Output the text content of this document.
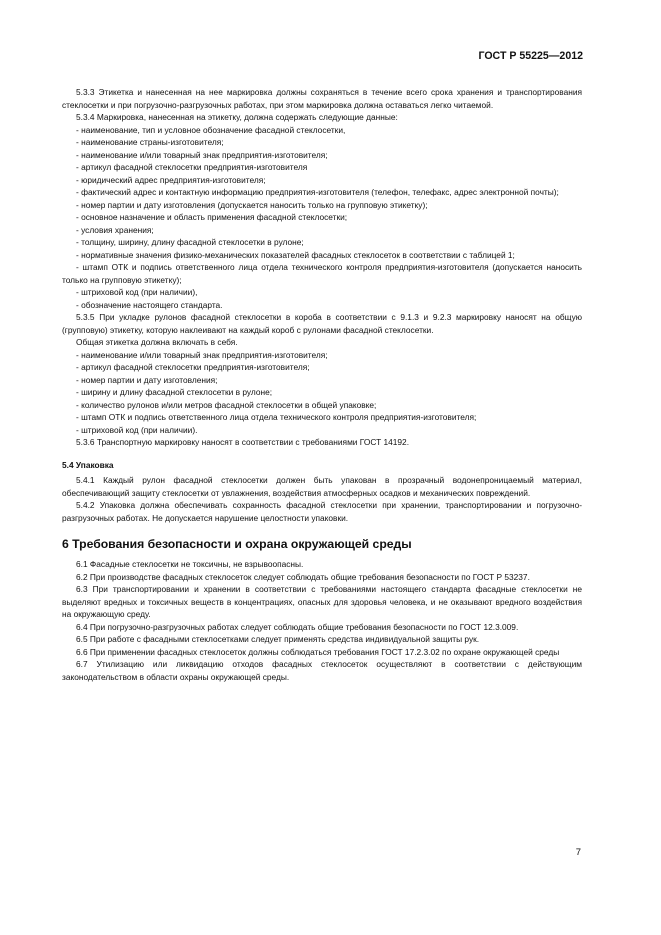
ГОСТ Р 55225—2012

5.3.3 Этикетка и нанесенная на нее маркировка должны сохраняться в течение всего срока хранения и транспортирования стеклосетки и при погрузочно-разгрузочных работах, при этом маркировка должна оставаться легко читаемой.

5.3.4 Маркировка, нанесенная на этикетку, должна содержать следующие данные:

- наименование, тип и условное обозначение фасадной стеклосетки,

- наименование страны-изготовителя;

- наименование и/или товарный знак предприятия-изготовителя;

- артикул фасадной стеклосетки предприятия-изготовителя

- юридический адрес предприятия-изготовителя;

- фактический адрес и контактную информацию предприятия-изготовителя (телефон, телефакс, адрес электронной почты);

- номер партии и дату изготовления (допускается наносить только на групповую этикетку);

- основное назначение и область применения фасадной стеклосетки;

- условия хранения;

- толщину, ширину, длину фасадной стеклосетки в рулоне;

- нормативные значения физико-механических показателей фасадных стеклосеток в соответствии с таблицей 1;

- штамп ОТК и подпись ответственного лица отдела технического контроля предприятия-изготовителя (допускается наносить только на групповую этикетку);

- штриховой код (при наличии),

- обозначение настоящего стандарта.

5.3.5 При укладке рулонов фасадной стеклосетки в короба в соответствии с 9.1.3 и 9.2.3 маркировку наносят на общую (групповую) этикетку, которую наклеивают на каждый короб с рулонами фасадной стеклосетки.

Общая этикетка должна включать в себя.

- наименование и/или товарный знак предприятия-изготовителя;

- артикул фасадной стеклосетки предприятия-изготовителя;

- номер партии и дату изготовления;

- ширину и длину фасадной стеклосетки в рулоне;

- количество рулонов и/или метров фасадной стеклосетки в общей упаковке;

- штамп ОТК и подпись ответственного лица отдела технического контроля предприятия-изготовителя;

- штриховой код (при наличии).

5.3.6 Транспортную маркировку наносят в соответствии с требованиями ГОСТ 14192.

5.4 Упаковка

5.4.1 Каждый рулон фасадной стеклосетки должен быть упакован в прозрачный водонепроницаемый материал, обеспечивающий защиту стеклосетки от увлажнения, воздействия атмосферных осадков и механических повреждений.

5.4.2 Упаковка должна обеспечивать сохранность фасадной стеклосетки при хранении, транспортировании и погрузочно-разгрузочных работах. Не допускается нарушение целостности упаковки.

6 Требования безопасности и охрана окружающей среды

6.1 Фасадные стеклосетки не токсичны, не взрывоопасны.

6.2 При производстве фасадных стеклосеток следует соблюдать общие требования безопасности по ГОСТ Р 53237.

6.3 При транспортировании и хранении в соответствии с требованиями настоящего стандарта фасадные стеклосетки не выделяют вредных и токсичных веществ в концентрациях, опасных для здоровья человека, и не оказывают вредного воздействия на окружающую среду.

6.4 При погрузочно-разгрузочных работах следует соблюдать общие требования безопасности по ГОСТ 12.3.009.

6.5 При работе с фасадными стеклосетками следует применять средства индивидуальной защиты рук.

6.6 При применении фасадных стеклосеток должны соблюдаться требования ГОСТ 17.2.3.02 по охране окружающей среды

6.7 Утилизацию или ликвидацию отходов фасадных стеклосеток осуществляют в соответствии с действующим законодательством в области охраны окружающей среды.

7
